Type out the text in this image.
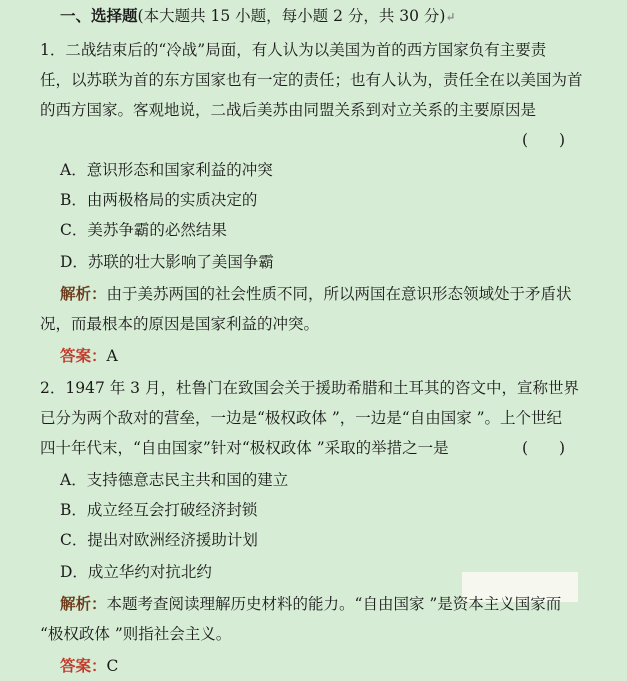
一、选择题(本大题共 15 小题，每小题 2 分，共 30 分)↵
1．二战结束后的“冷战”局面，有人认为以美国为首的西方国家负有主要责
任，以苏联为首的东方国家也有一定的责任；也有人认为，责任全在以美国为首
的西方国家。客观地说，二战后美苏由同盟关系到对立关系的主要原因是
(　　)
A．意识形态和国家利益的冲突
B．由两极格局的实质决定的
C．美苏争霸的必然结果
D．苏联的壮大影响了美国争霸
解析：由于美苏两国的社会性质不同，所以两国在意识形态领域处于矛盾状
况，而最根本的原因是国家利益的冲突。
答案：A
2．1947 年 3 月，杜鲁门在致国会关于援助希腊和土耳其的咨文中，宣称世界
已分为两个敌对的营垒，一边是“极权政体 ”，一边是“自由国家 ”。上个世纪
四十年代末，“自由国家”针对“极权政体 ”采取的举措之一是	(　　)
A．支持德意志民主共和国的建立
B．成立经互会打破经济封锁
C．提出对欧洲经济援助计划
D．成立华约对抗北约
解析：本题考查阅读理解历史材料的能力。“自由国家 ”是资本主义国家而
“极权政体 ”则指社会主义。
答案：C
